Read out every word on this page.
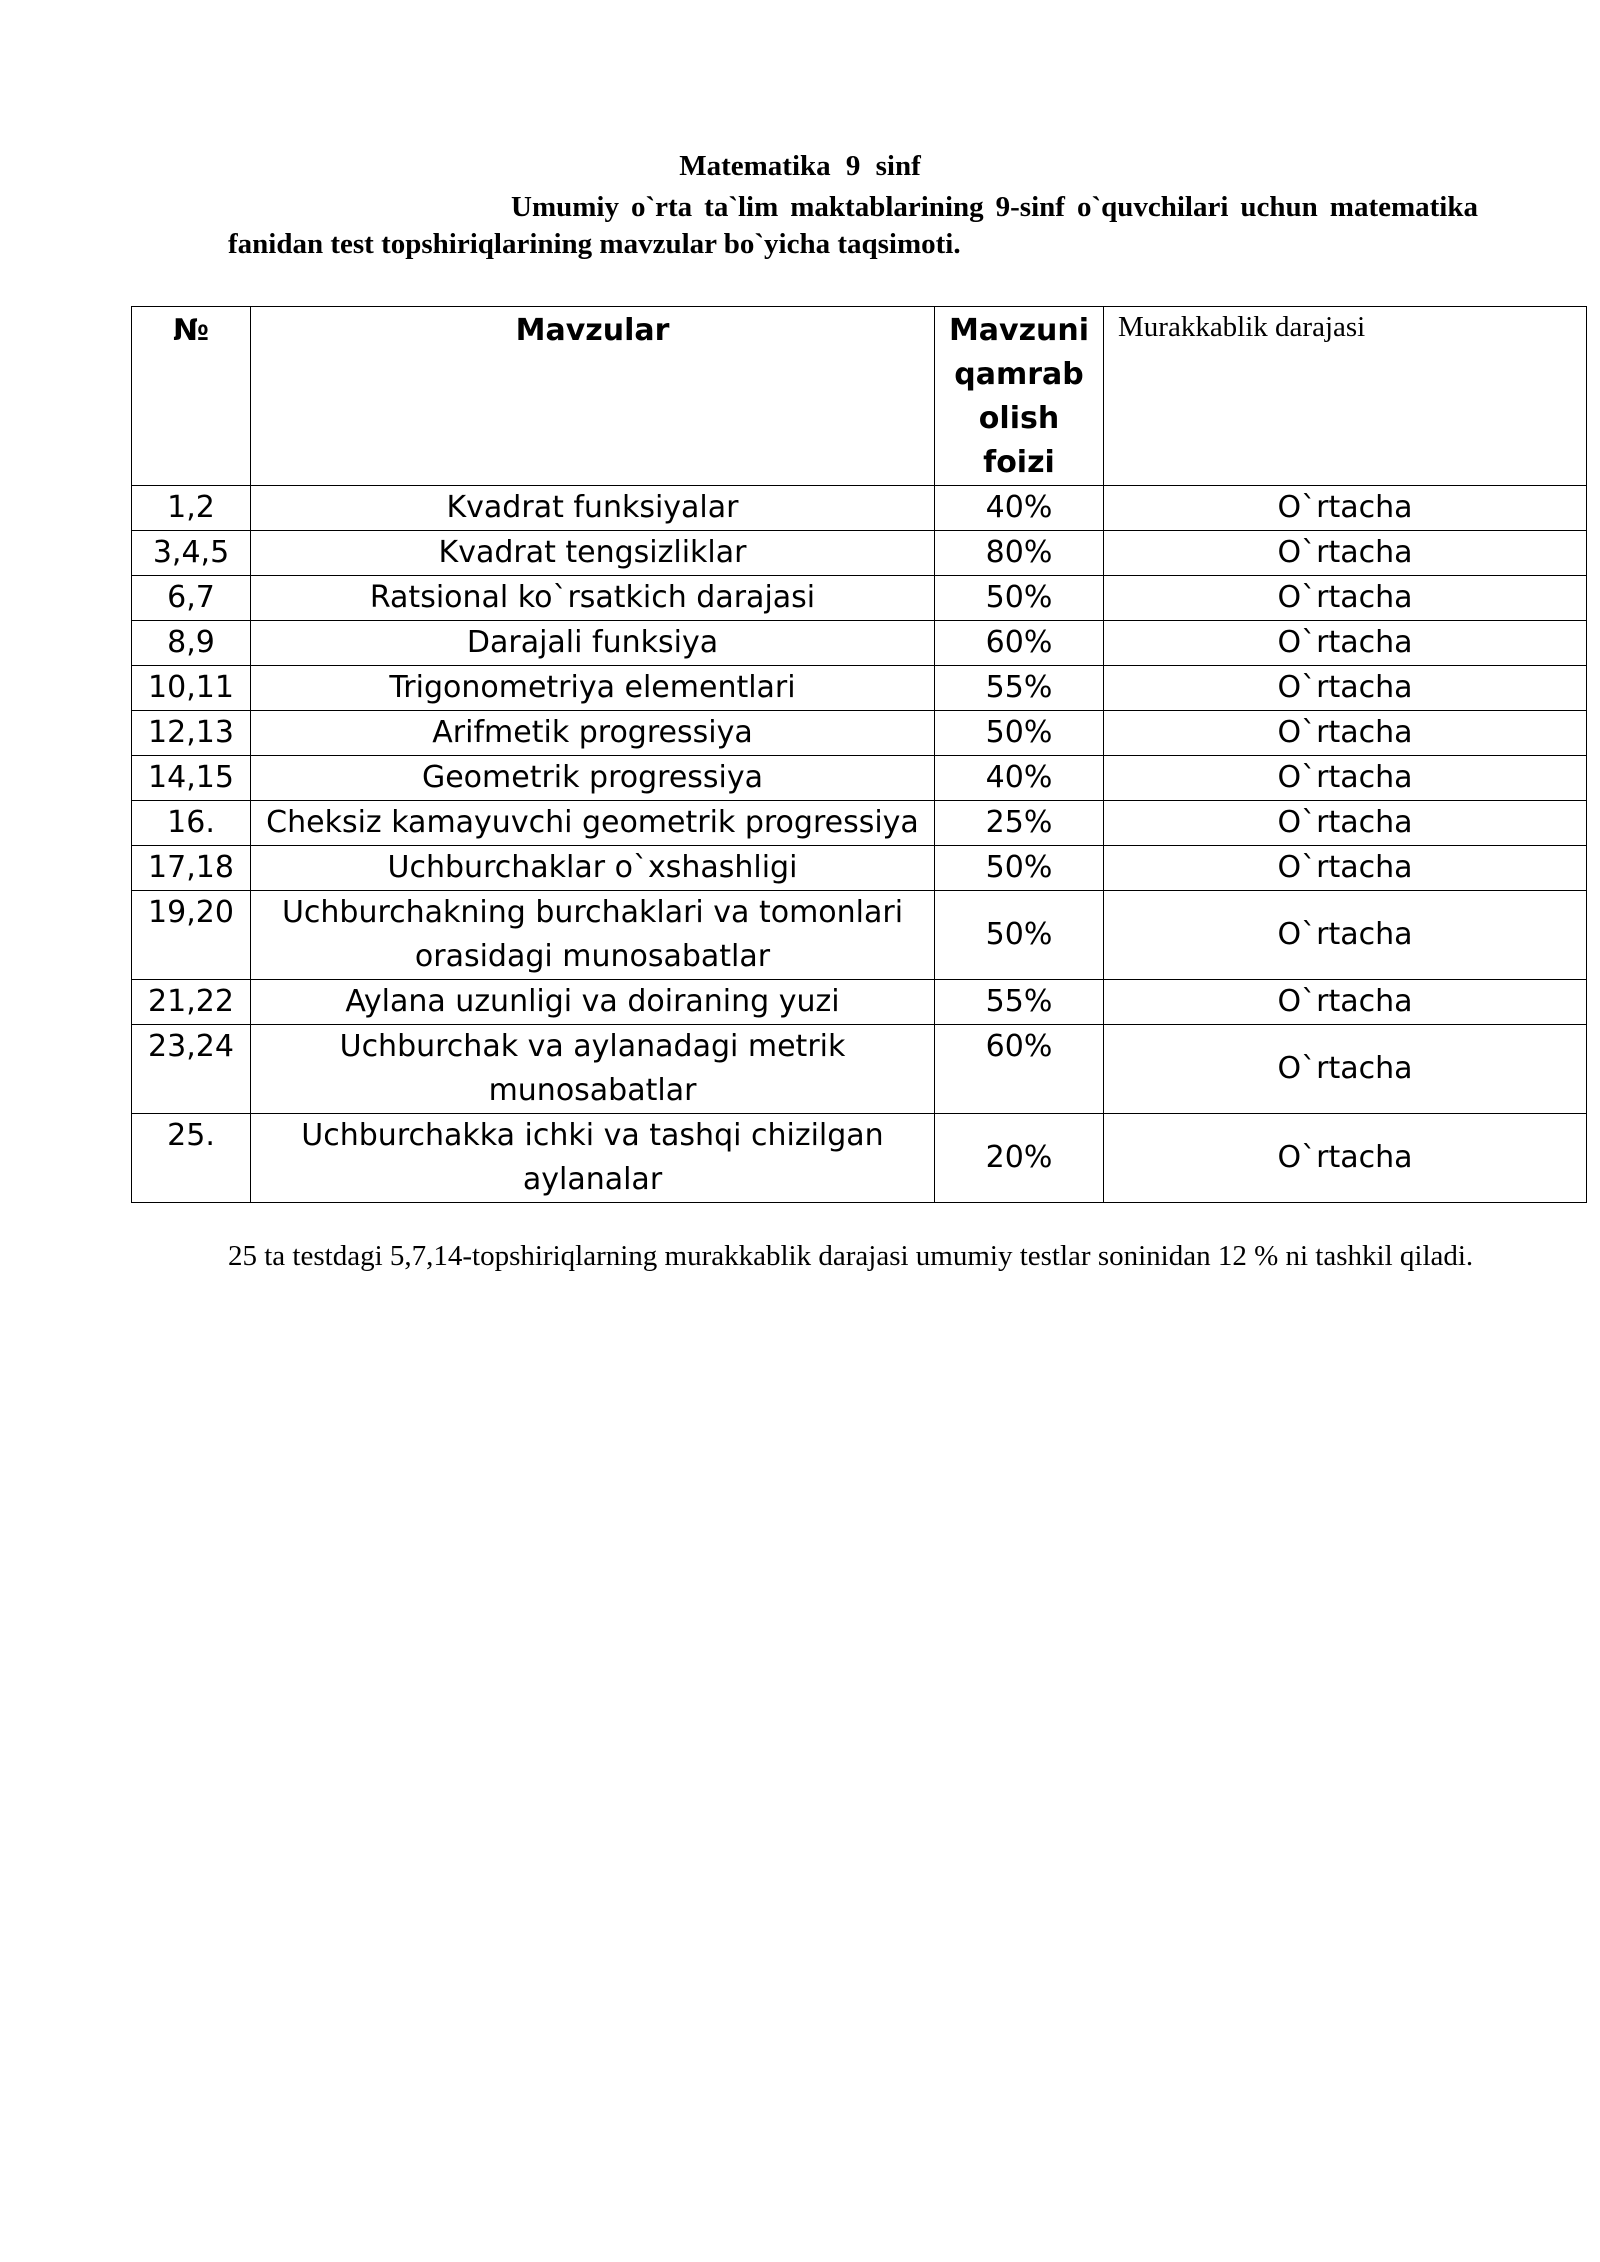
Matematika 9 sinf

Umumiy o`rta ta`lim maktablarining 9-sinf o`quvchilari uchun matematika fanidan test topshiriqlarining mavzular bo`yicha taqsimoti.

№	Mavzular	Mavzuni qamrab olish foizi	Murakkablik darajasi
1,2	Kvadrat funksiyalar	40%	O`rtacha
3,4,5	Kvadrat tengsizliklar	80%	O`rtacha
6,7	Ratsional ko`rsatkich darajasi	50%	O`rtacha
8,9	Darajali funksiya	60%	O`rtacha
10,11	Trigonometriya elementlari	55%	O`rtacha
12,13	Arifmetik progressiya	50%	O`rtacha
14,15	Geometrik progressiya	40%	O`rtacha
16.	Cheksiz kamayuvchi geometrik progressiya	25%	O`rtacha
17,18	Uchburchaklar o`xshashligi	50%	O`rtacha
19,20	Uchburchakning burchaklari va tomonlari orasidagi munosabatlar	50%	O`rtacha
21,22	Aylana uzunligi va doiraning yuzi	55%	O`rtacha
23,24	Uchburchak va aylanadagi metrik munosabatlar	60%	O`rtacha
25.	Uchburchakka ichki va tashqi chizilgan aylanalar	20%	O`rtacha

25 ta testdagi 5,7,14-topshiriqlarning murakkablik darajasi umumiy testlar soninidan 12 % ni tashkil qiladi.
